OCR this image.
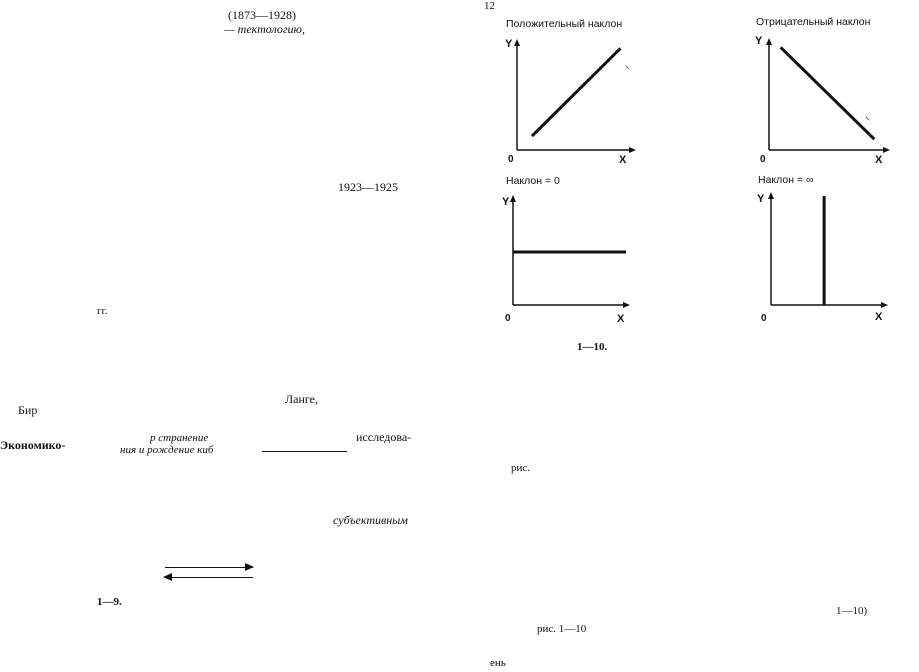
12
(1873—1928)
— тектологию,
1923—1925
гг.
Ланге,
Бир
Экономико-	р странение
ния и рождение киб
исследова-
субъективным
1—9.
1—10.
рис.
рис. 1—10
1—10)
ень
Положительный наклон
Y
0	X
Отрицательный наклон
Y
0	X
Наклон = 0
Y
0	X
Наклон = ∞
Y
0	X
